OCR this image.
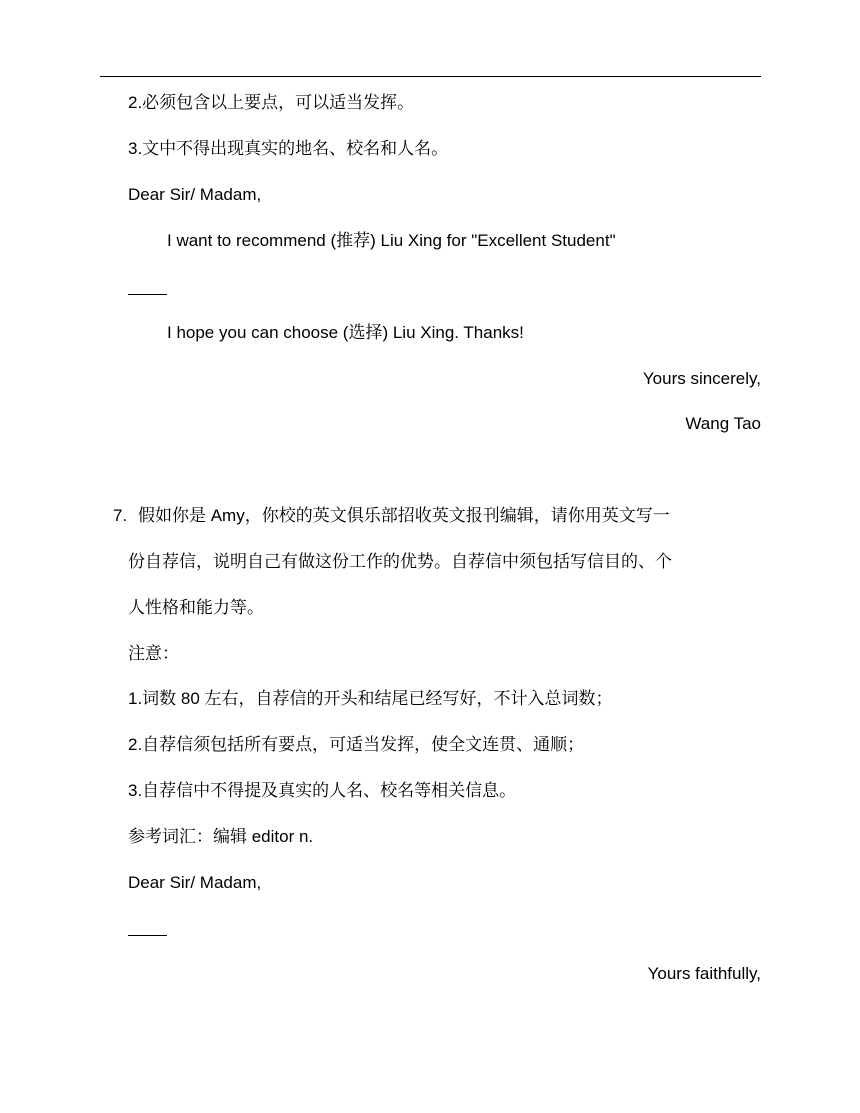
2.必须包含以上要点，可以适当发挥。
3.文中不得出现真实的地名、校名和人名。
Dear Sir/ Madam,
I want to recommend (推荐) Liu Xing for "Excellent Student"
I hope you can choose (选择) Liu Xing. Thanks!
Yours sincerely,
Wang Tao
7. 假如你是 Amy，你校的英文俱乐部招收英文报刊编辑，请你用英文写一
份自荐信，说明自己有做这份工作的优势。自荐信中须包括写信目的、个
人性格和能力等。
注意：
1.词数 80 左右，自荐信的开头和结尾已经写好，不计入总词数；
2.自荐信须包括所有要点，可适当发挥，使全文连贯、通顺；
3.自荐信中不得提及真实的人名、校名等相关信息。
参考词汇：编辑 editor n.
Dear Sir/ Madam,
Yours faithfully,
